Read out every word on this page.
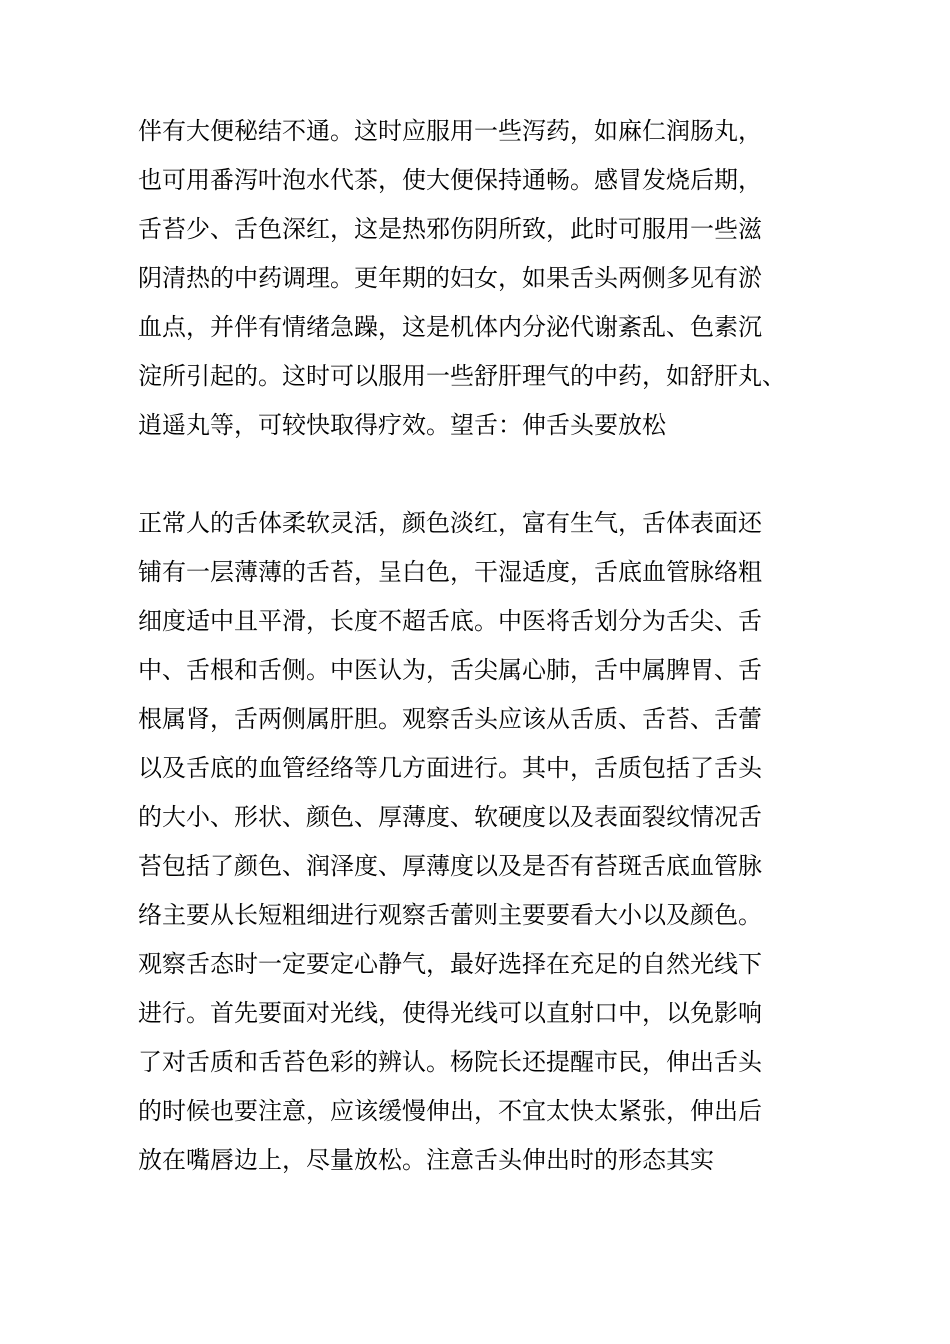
伴有大便秘结不通。这时应服用一些泻药，如麻仁润肠丸，
也可用番泻叶泡水代茶，使大便保持通畅。感冒发烧后期，
舌苔少、舌色深红，这是热邪伤阴所致，此时可服用一些滋
阴清热的中药调理。更年期的妇女，如果舌头两侧多见有淤
血点，并伴有情绪急躁，这是机体内分泌代谢紊乱、色素沉
淀所引起的。这时可以服用一些舒肝理气的中药，如舒肝丸、
逍遥丸等，可较快取得疗效。望舌：伸舌头要放松

正常人的舌体柔软灵活，颜色淡红，富有生气，舌体表面还
铺有一层薄薄的舌苔，呈白色，干湿适度，舌底血管脉络粗
细度适中且平滑，长度不超舌底。中医将舌划分为舌尖、舌
中、舌根和舌侧。中医认为，舌尖属心肺，舌中属脾胃、舌
根属肾，舌两侧属肝胆。观察舌头应该从舌质、舌苔、舌蕾
以及舌底的血管经络等几方面进行。其中，舌质包括了舌头
的大小、形状、颜色、厚薄度、软硬度以及表面裂纹情况舌
苔包括了颜色、润泽度、厚薄度以及是否有苔斑舌底血管脉
络主要从长短粗细进行观察舌蕾则主要要看大小以及颜色。
观察舌态时一定要定心静气，最好选择在充足的自然光线下
进行。首先要面对光线，使得光线可以直射口中，以免影响
了对舌质和舌苔色彩的辨认。杨院长还提醒市民，伸出舌头
的时候也要注意，应该缓慢伸出，不宜太快太紧张，伸出后
放在嘴唇边上，尽量放松。注意舌头伸出时的形态其实
